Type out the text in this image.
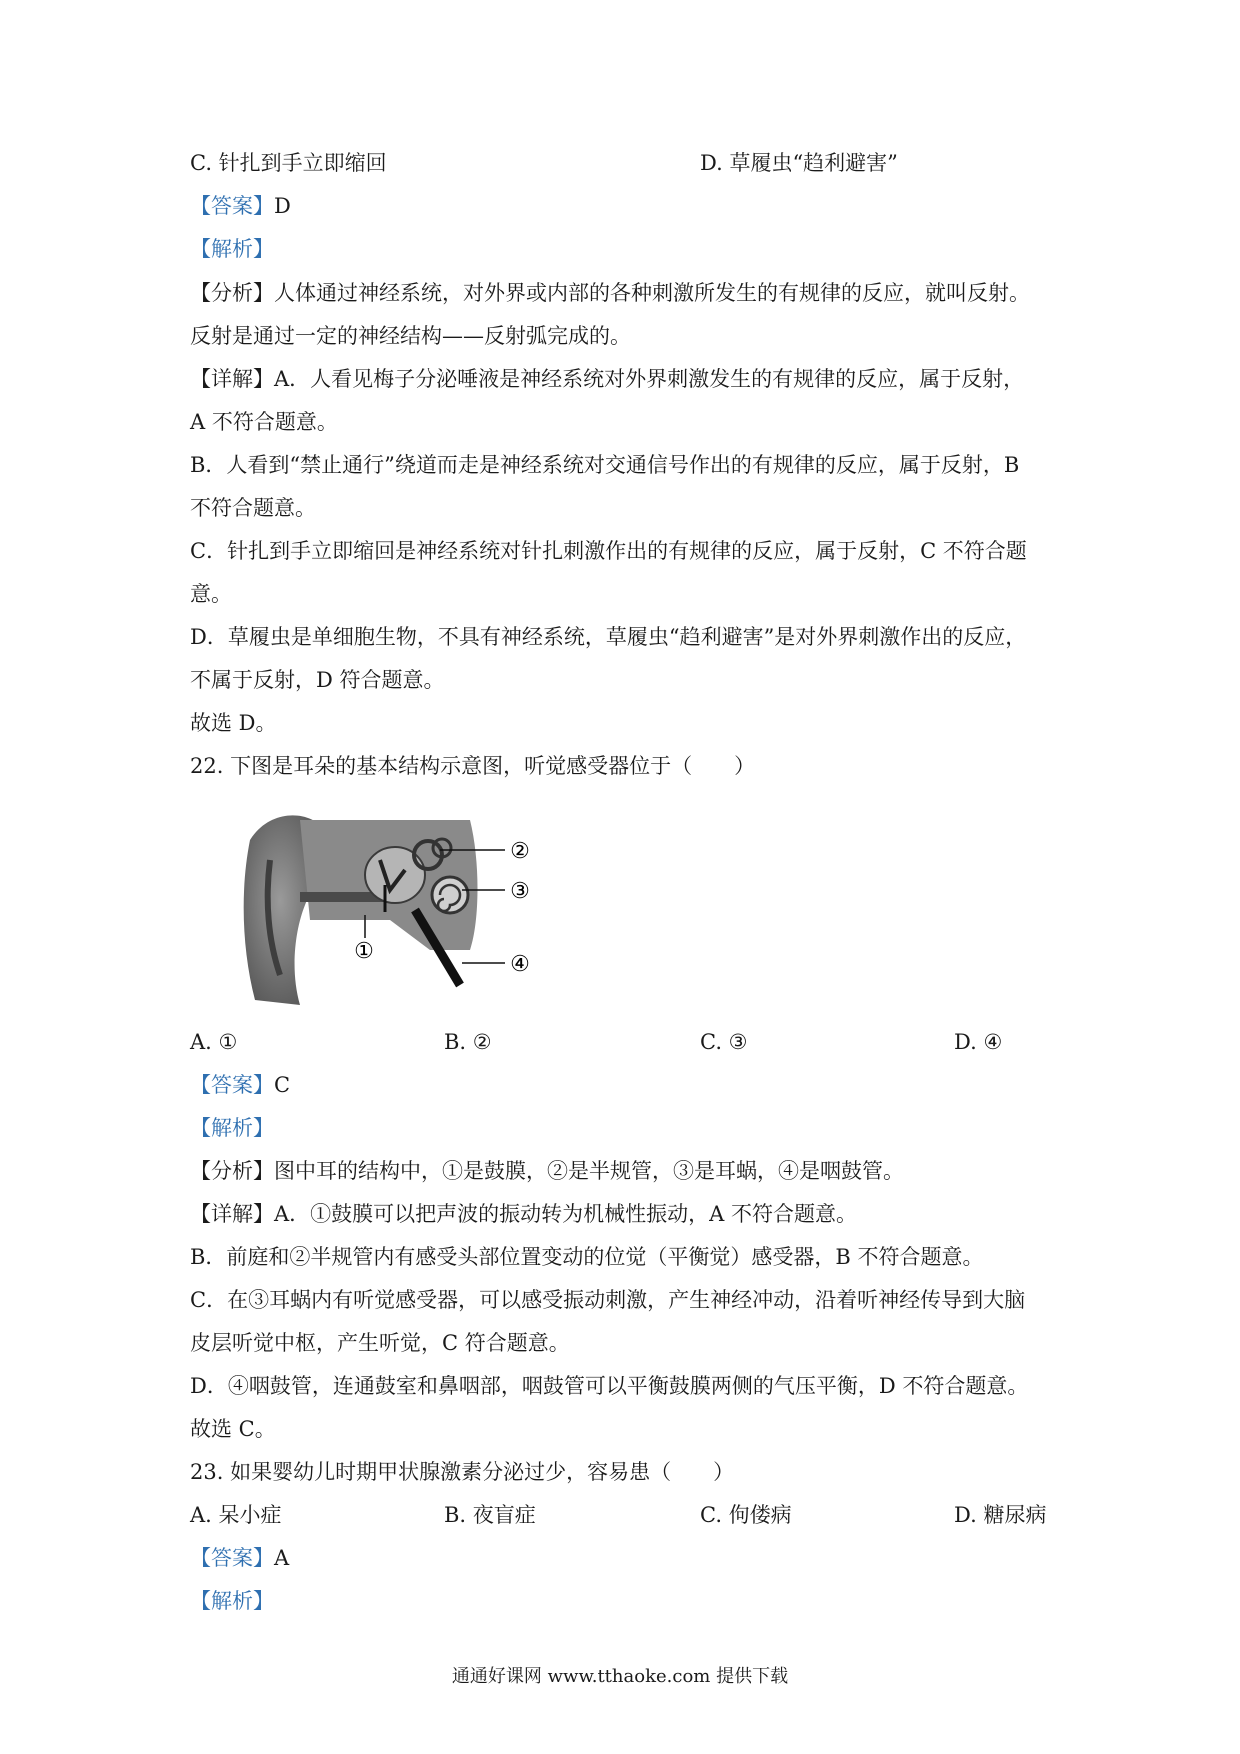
C. 针扎到手立即缩回	D. 草履虫“趋利避害”
【答案】D
【解析】
【分析】人体通过神经系统，对外界或内部的各种刺激所发生的有规律的反应，就叫反射。
反射是通过一定的神经结构——反射弧完成的。
【详解】A．人看见梅子分泌唾液是神经系统对外界刺激发生的有规律的反应，属于反射，
A 不符合题意。
B．人看到“禁止通行”绕道而走是神经系统对交通信号作出的有规律的反应，属于反射，B
不符合题意。
C．针扎到手立即缩回是神经系统对针扎刺激作出的有规律的反应，属于反射，C 不符合题
意。
D．草履虫是单细胞生物，不具有神经系统，草履虫“趋利避害”是对外界刺激作出的反应，
不属于反射，D 符合题意。
故选 D。
22. 下图是耳朵的基本结构示意图，听觉感受器位于（　　）
①
②
③
④
A. ①	B. ②	C. ③	D. ④
【答案】C
【解析】
【分析】图中耳的结构中，①是鼓膜，②是半规管，③是耳蜗，④是咽鼓管。
【详解】A．①鼓膜可以把声波的振动转为机械性振动，A 不符合题意。
B．前庭和②半规管内有感受头部位置变动的位觉（平衡觉）感受器，B 不符合题意。
C．在③耳蜗内有听觉感受器，可以感受振动刺激，产生神经冲动，沿着听神经传导到大脑
皮层听觉中枢，产生听觉，C 符合题意。
D．④咽鼓管，连通鼓室和鼻咽部，咽鼓管可以平衡鼓膜两侧的气压平衡，D 不符合题意。
故选 C。
23. 如果婴幼儿时期甲状腺激素分泌过少，容易患（　　）
A. 呆小症	B. 夜盲症	C. 佝偻病	D. 糖尿病
【答案】A
【解析】
通通好课网 www.tthaoke.com 提供下载
